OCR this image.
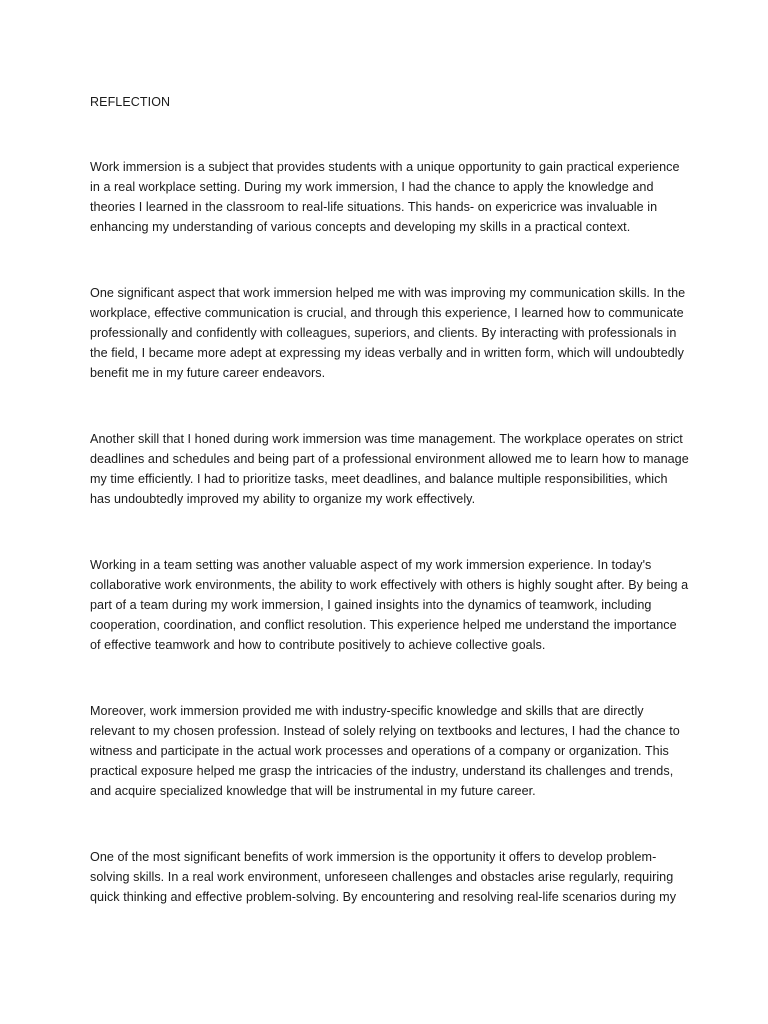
REFLECTION

Work immersion is a subject that provides students with a unique opportunity to gain practical experience in a real workplace setting. During my work immersion, I had the chance to apply the knowledge and theories I learned in the classroom to real-life situations. This hands- on expericrice was invaluable in enhancing my understanding of various concepts and developing my skills in a practical context.

One significant aspect that work immersion helped me with was improving my communication skills. In the workplace, effective communication is crucial, and through this experience, I learned how to communicate professionally and confidently with colleagues, superiors, and clients. By interacting with professionals in the field, I became more adept at expressing my ideas verbally and in written form, which will undoubtedly benefit me in my future career endeavors.

Another skill that I honed during work immersion was time management. The workplace operates on strict deadlines and schedules and being part of a professional environment allowed me to learn how to manage my time efficiently. I had to prioritize tasks, meet deadlines, and balance multiple responsibilities, which has undoubtedly improved my ability to organize my work effectively.

Working in a team setting was another valuable aspect of my work immersion experience. In today's collaborative work environments, the ability to work effectively with others is highly sought after. By being a part of a team during my work immersion, I gained insights into the dynamics of teamwork, including cooperation, coordination, and conflict resolution. This experience helped me understand the importance of effective teamwork and how to contribute positively to achieve collective goals.

Moreover, work immersion provided me with industry-specific knowledge and skills that are directly relevant to my chosen profession. Instead of solely relying on textbooks and lectures, I had the chance to witness and participate in the actual work processes and operations of a company or organization. This practical exposure helped me grasp the intricacies of the industry, understand its challenges and trends, and acquire specialized knowledge that will be instrumental in my future career.

One of the most significant benefits of work immersion is the opportunity it offers to develop problem-solving skills. In a real work environment, unforeseen challenges and obstacles arise regularly, requiring quick thinking and effective problem-solving. By encountering and resolving real-life scenarios during my
